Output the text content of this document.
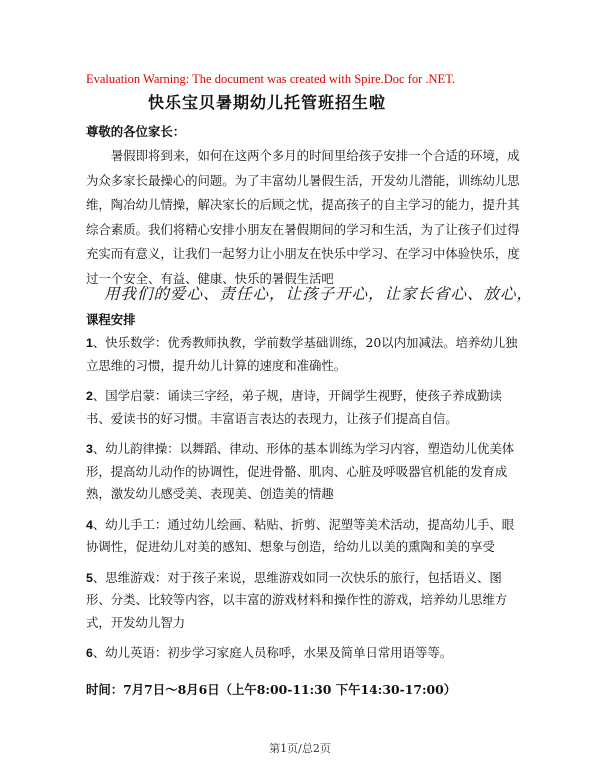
Evaluation Warning: The document was created with Spire.Doc for .NET.
快乐宝贝暑期幼儿托管班招生啦
尊敬的各位家长：
暑假即将到来，如何在这两个多月的时间里给孩子安排一个合适的环境，成为众多家长最操心的问题。为了丰富幼儿暑假生活，开发幼儿潜能，训练幼儿思维，陶冶幼儿情操，解决家长的后顾之忧，提高孩子的自主学习的能力，提升其综合素质。我们将精心安排小朋友在暑假期间的学习和生活，为了让孩子们过得充实而有意义，让我们一起努力让小朋友在快乐中学习、在学习中体验快乐，度过一个安全、有益、健康、快乐的暑假生活吧
用我们的爱心、责任心，让孩子开心，让家长省心、放心，
课程安排
1、快乐数学：优秀教师执教，学前数学基础训练，20以内加减法。培养幼儿独立思维的习惯，提升幼儿计算的速度和准确性。
2、国学启蒙：诵读三字经，弟子规，唐诗，开阔学生视野，使孩子养成勤读书、爱读书的好习惯。丰富语言表达的表现力，让孩子们提高自信。
3、幼儿韵律操：以舞蹈、律动、形体的基本训练为学习内容，塑造幼儿优美体形，提高幼儿动作的协调性，促进骨骼、肌肉、心脏及呼吸器官机能的发育成熟，激发幼儿感受美、表现美、创造美的情趣
4、幼儿手工：通过幼儿绘画、粘贴、折剪、泥塑等美术活动，提高幼儿手、眼协调性，促进幼儿对美的感知、想象与创造，给幼儿以美的熏陶和美的享受
5、思维游戏：对于孩子来说，思维游戏如同一次快乐的旅行，包括语义、图形、分类、比较等内容，以丰富的游戏材料和操作性的游戏，培养幼儿思维方式，开发幼儿智力
6、幼儿英语：初步学习家庭人员称呼，水果及简单日常用语等等。
时间：7月7日～8月6日（上午8:00-11:30 下午14:30-17:00）
第1页/总2页
